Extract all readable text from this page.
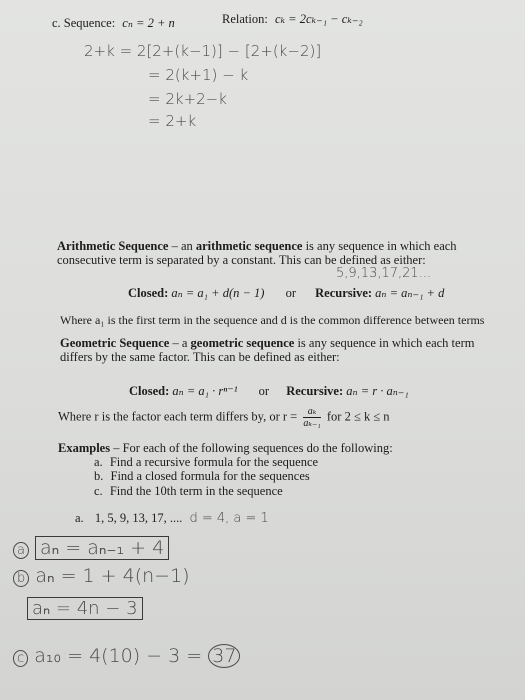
c. Sequence: cₙ = 2 + n	Relation: cₖ = 2cₖ₋₁ − cₖ₋₂
2+k = 2[2+(k−1)] − [2+(k−2)]
= 2(k+1) − k
= 2k+2−k
= 2+k
Arithmetic Sequence – an arithmetic sequence is any sequence in which each
consecutive term is separated by a constant. This can be defined as either:
5,9,13,17,21...
Closed: aₙ = a₁ + d(n − 1) or Recursive: aₙ = aₙ₋₁ + d
Where a₁ is the first term in the sequence and d is the common difference between terms
Geometric Sequence – a geometric sequence is any sequence in which each term
differs by the same factor. This can be defined as either:
Closed: aₙ = a₁ · rⁿ⁻¹ or Recursive: aₙ = r · aₙ₋₁
Where r is the factor each term differs by, or $r = \frac{\text{aₖ}}{\text{aₖ₋₁}}$ for 2 ≤ k ≤ n
Examples – For each of the following sequences do the following:
a. Find a recursive formula for the sequence
b. Find a closed formula for the sequences
c. Find the 10th term in the sequence
a. 1, 5, 9, 13, 17, .... d = 4, a = 1
a aₙ = aₙ₋₁ + 4
b aₙ = 1 + 4(n−1)
aₙ = 4n − 3
c a₁₀ = 4(10) − 3 = 37
